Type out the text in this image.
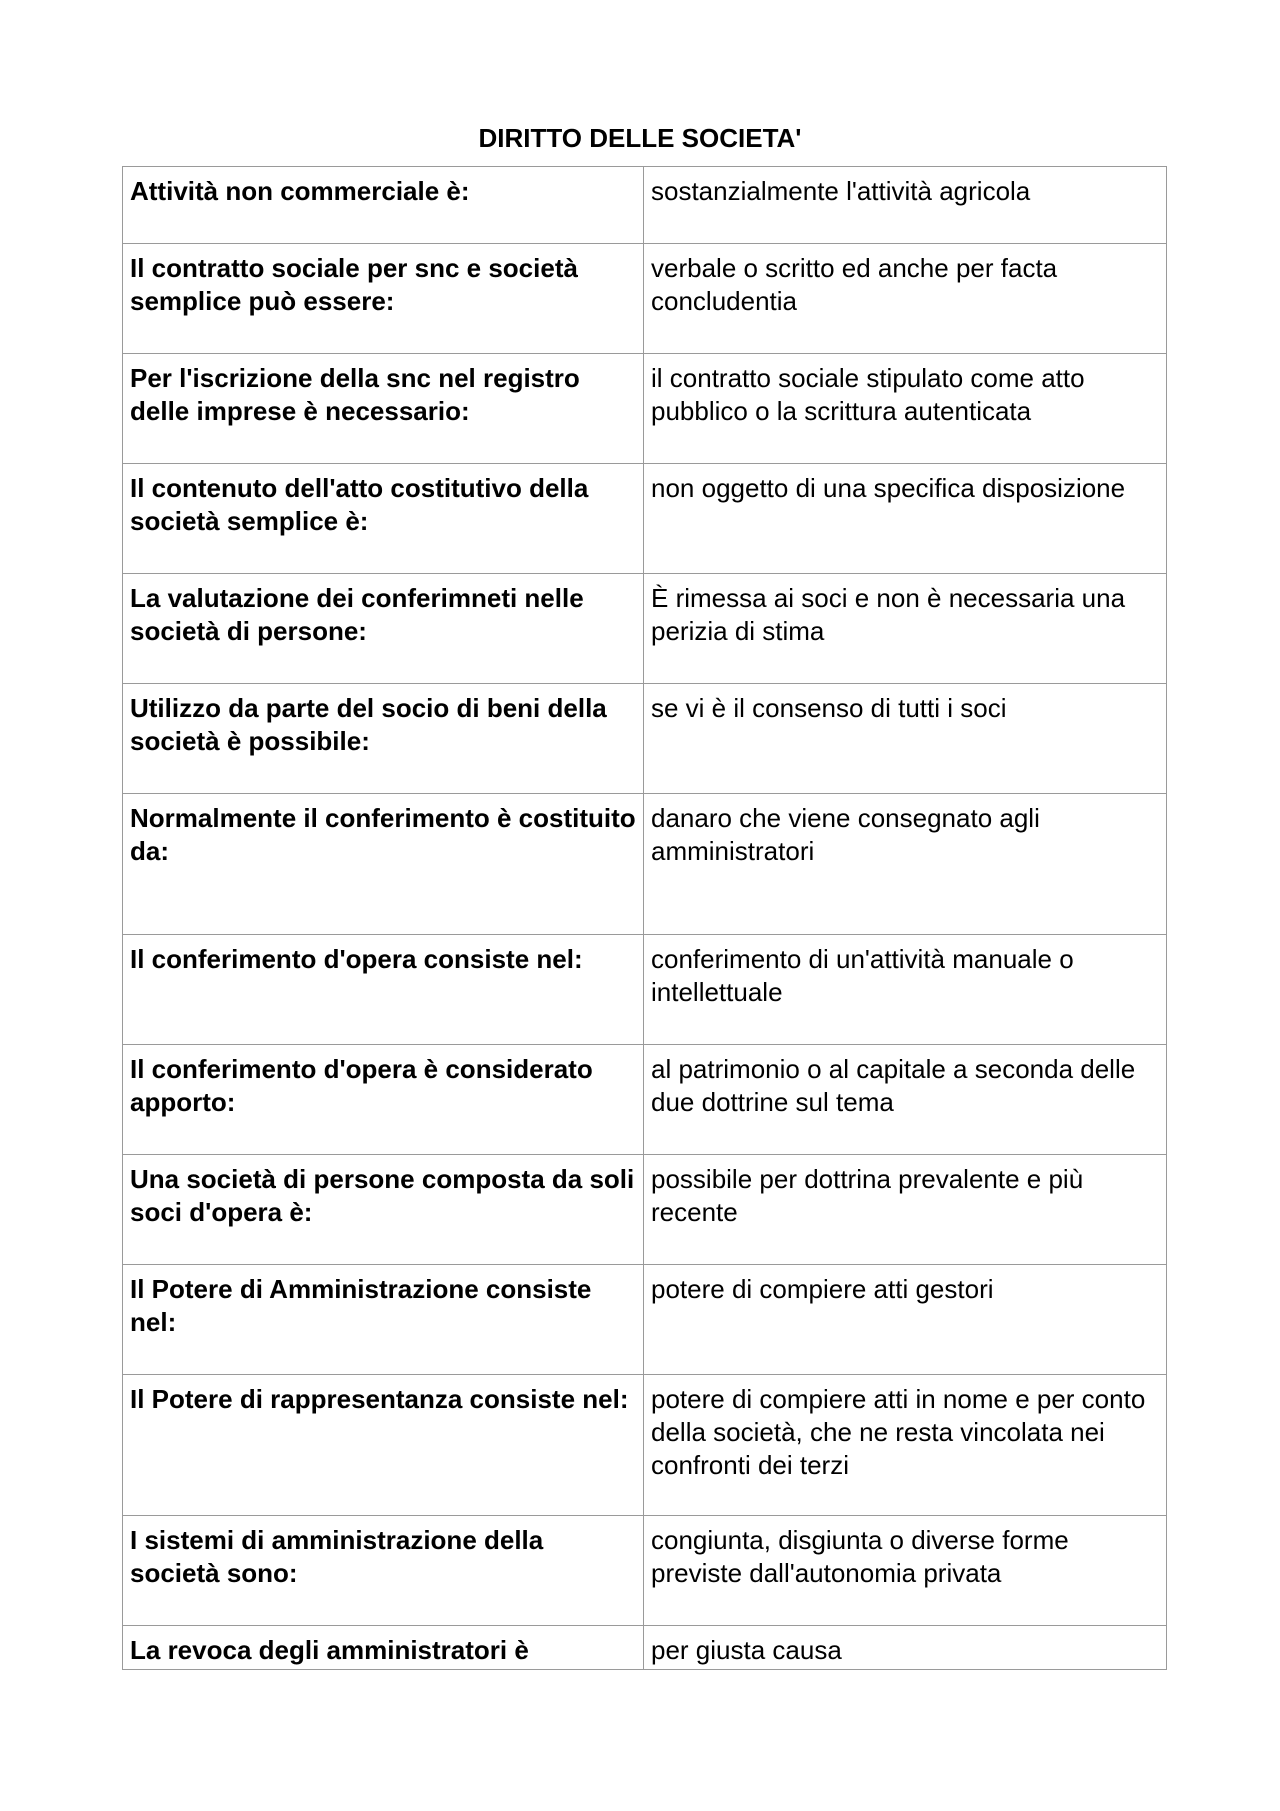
DIRITTO DELLE SOCIETA'
Attività non commerciale è:	sostanzialmente l'attività agricola
Il contratto sociale per snc e società semplice può essere:	verbale o scritto ed anche per facta concludentia
Per l'iscrizione della snc nel registro delle imprese è necessario:	il contratto sociale stipulato come atto pubblico o la scrittura autenticata
Il contenuto dell'atto costitutivo della società semplice è:	non oggetto di una specifica disposizione
La valutazione dei conferimneti nelle società di persone:	È rimessa ai soci e non è necessaria una perizia di stima
Utilizzo da parte del socio di beni della società è possibile:	se vi è il consenso di tutti i soci
Normalmente il conferimento è costituito da:	danaro che viene consegnato agli amministratori
Il conferimento d'opera consiste nel:	conferimento di un'attività manuale o intellettuale
Il conferimento d'opera è considerato apporto:	al patrimonio o al capitale a seconda delle due dottrine sul tema
Una società di persone composta da soli soci d'opera è:	possibile per dottrina prevalente e più recente
Il Potere di Amministrazione consiste nel:	potere di compiere atti gestori
Il Potere di rappresentanza consiste nel:	potere di compiere atti in nome e per conto della società, che ne resta vincolata nei confronti dei terzi
I sistemi di amministrazione della società sono:	congiunta, disgiunta o diverse forme previste dall'autonomia privata
La revoca degli amministratori è	per giusta causa
